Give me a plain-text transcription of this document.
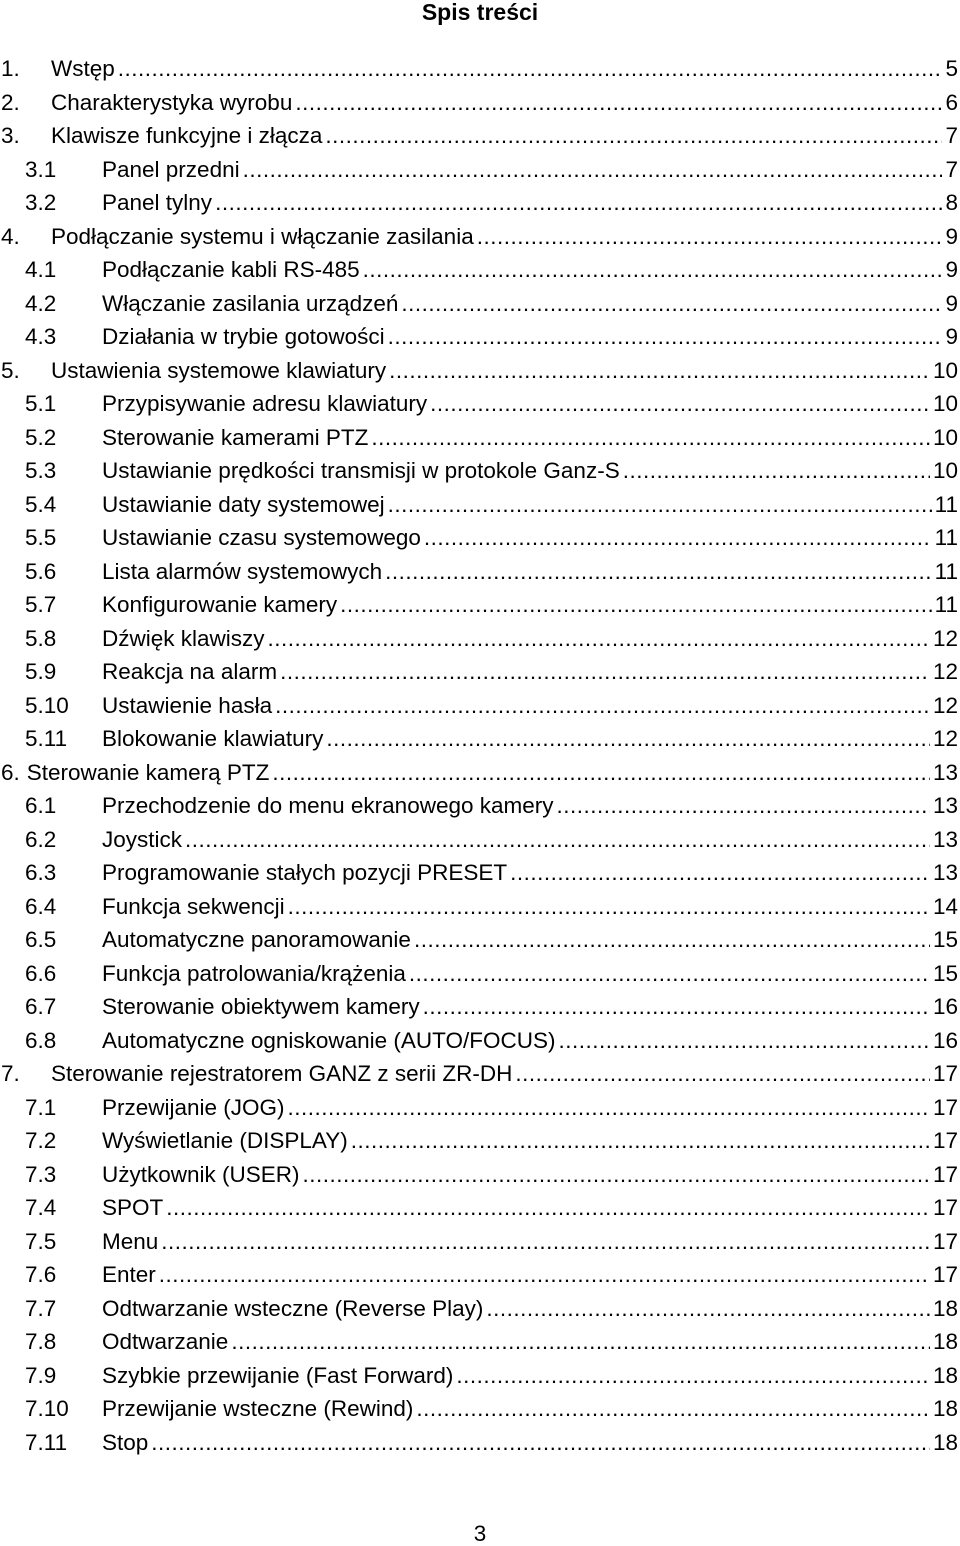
Spis treści
1.	Wstęp .....	5
2.	Charakterystyka wyrobu .....	6
3.	Klawisze funkcyjne i złącza .....	7
3.1	Panel przedni .....	7
3.2	Panel tylny .....	8
4.	Podłączanie systemu i włączanie zasilania .....	9
4.1	Podłączanie kabli RS-485 .....	9
4.2	Włączanie zasilania urządzeń .....	9
4.3	Działania w trybie gotowości .....	9
5.	Ustawienia systemowe klawiatury .....	10
5.1	Przypisywanie adresu klawiatury .....	10
5.2	Sterowanie kamerami PTZ .....	10
5.3	Ustawianie prędkości transmisji w protokole Ganz-S .....	10
5.4	Ustawianie daty systemowej .....	11
5.5	Ustawianie czasu systemowego .....	11
5.6	Lista alarmów systemowych .....	11
5.7	Konfigurowanie kamery .....	11
5.8	Dźwięk klawiszy .....	12
5.9	Reakcja na alarm .....	12
5.10	Ustawienie hasła .....	12
5.11	Blokowanie klawiatury .....	12
6. Sterowanie kamerą PTZ .....	13
6.1	Przechodzenie do menu ekranowego kamery .....	13
6.2	Joystick .....	13
6.3	Programowanie stałych pozycji PRESET .....	13
6.4	Funkcja sekwencji .....	14
6.5	Automatyczne panoramowanie .....	15
6.6	Funkcja patrolowania/krążenia .....	15
6.7	Sterowanie obiektywem kamery .....	16
6.8	Automatyczne ogniskowanie (AUTO/FOCUS) .....	16
7.	Sterowanie rejestratorem GANZ z serii ZR-DH .....	17
7.1	Przewijanie (JOG) .....	17
7.2	Wyświetlanie (DISPLAY) .....	17
7.3	Użytkownik (USER) .....	17
7.4	SPOT .....	17
7.5	Menu .....	17
7.6	Enter .....	17
7.7	Odtwarzanie wsteczne (Reverse Play) .....	18
7.8	Odtwarzanie .....	18
7.9	Szybkie przewijanie (Fast Forward) .....	18
7.10	Przewijanie wsteczne (Rewind) .....	18
7.11	Stop .....	18
3
